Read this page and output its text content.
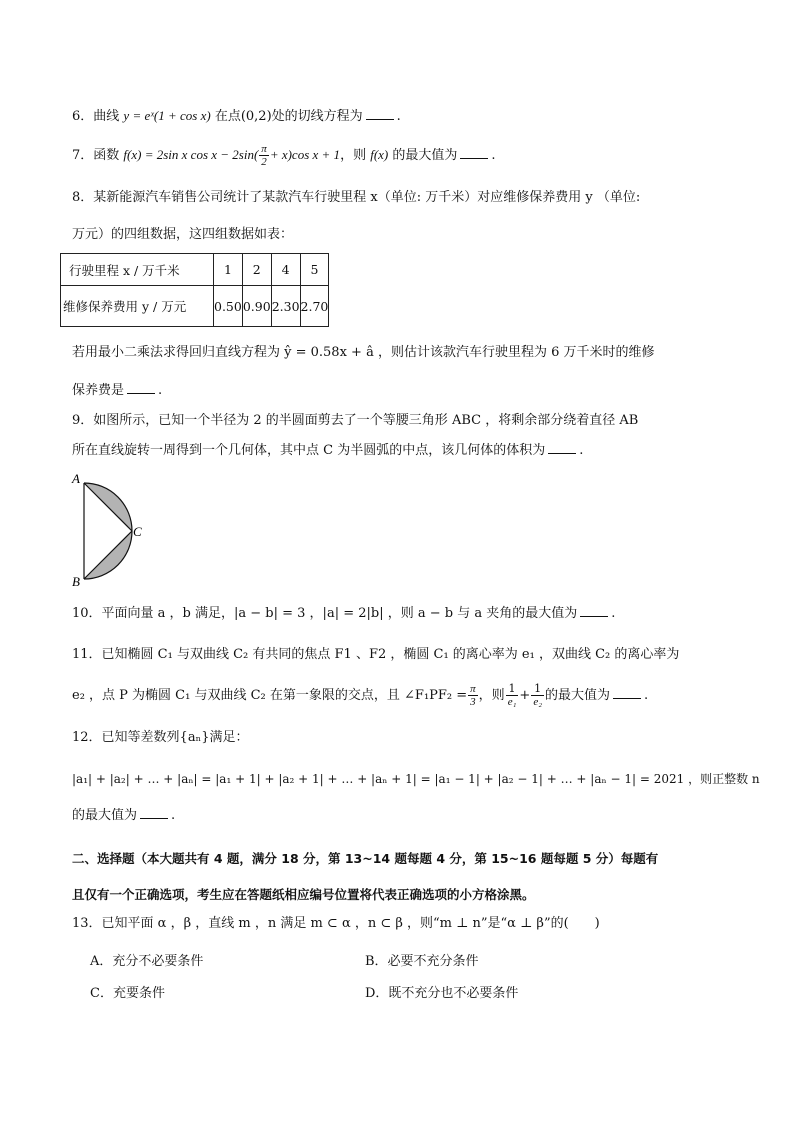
6．曲线 y = eˣ(1 + cos x) 在点(0,2)处的切线方程为	.
7．函数 f(x) = 2sin x $\cos x - 2\sin( \frac{\pi}{2} + x)\cos$ x + 1，则 f(x) 的最大值为	.
8．某新能源汽车销售公司统计了某款汽车行驶里程 x（单位: 万千米）对应维修保养费用 y （单位:
万元）的四组数据，这四组数据如表：
行驶里程 x / 万千米	1	2	4	5
维修保养费用 y / 万元	0.50	0.90	2.30	2.70
若用最小二乘法求得回归直线方程为 ŷ = 0.58x + â ，则估计该款汽车行驶里程为 6 万千米时的维修
保养费是	.
9．如图所示，已知一个半径为 2 的半圆面剪去了一个等腰三角形 ABC ，将剩余部分绕着直径 AB
所在直线旋转一周得到一个几何体，其中点 C 为半圆弧的中点，该几何体的体积为	.
A
B
C
10．平面向量 a ，b 满足，|a − b| = 3 ，|a| = 2|b| ，则 a − b 与 a 夹角的最大值为	.
11．已知椭圆 C₁ 与双曲线 C₂ 有共同的焦点 F1 、F2 ，椭圆 C₁ 的离心率为 e₁ ，双曲线 C₂ 的离心率为
e₂ ，点 P 为椭圆 C₁ 与双曲线 C₂ 在第一象限的交点，且 ∠F₁PF₂ = $\frac{\pi}{3}$ ，则 $\frac{1}{\text{e₁}} + \frac{1}{\text{e₂}}$ 的最大值为	.
12．已知等差数列{aₙ}满足：
|a₁| + |a₂| + … + |aₙ| = |a₁ + 1| + |a₂ + 1| + … + |aₙ + 1| = |a₁ − 1| + |a₂ − 1| + … + |aₙ − 1| = 2021 ，则正整数 n
的最大值为	.
二、选择题（本大题共有 4 题，满分 18 分，第 13~14 题每题 4 分，第 15~16 题每题 5 分）每题有
且仅有一个正确选项，考生应在答题纸相应编号位置将代表正确选项的小方格涂黑。
13．已知平面 α ，β ，直线 m ，n 满足 m ⊂ α ，n ⊂ β ，则“m ⊥ n”是“α ⊥ β”的(　　)
A．充分不必要条件	B．必要不充分条件
C．充要条件	D．既不充分也不必要条件
